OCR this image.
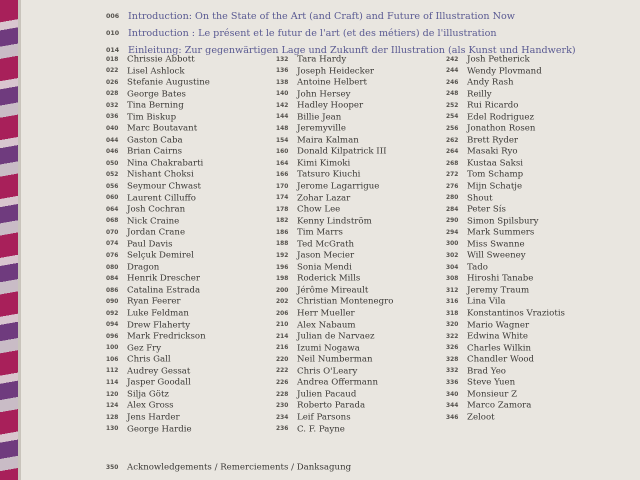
006 Introduction: On the State of the Art (and Craft) and Future of Illustration Now
010 Introduction : Le présent et le futur de l'art (et des métiers) de l'illustration
014 Einleitung: Zur gegenwärtigen Lage und Zukunft der Illustration (als Kunst und Handwerk)
018 Chrissie Abbott
022 Lisel Ashlock
026 Stefanie Augustine
028 George Bates
032 Tina Berning
036 Tim Biskup
040 Marc Boutavant
044 Gaston Caba
046 Brian Cairns
050 Nina Chakrabarti
052 Nishant Choksi
056 Seymour Chwast
060 Laurent Cilluffo
064 Josh Cochran
068 Nick Craine
070 Jordan Crane
074 Paul Davis
076 Selçuk Demirel
080 Dragon
084 Henrik Drescher
086 Catalina Estrada
090 Ryan Feerer
092 Luke Feldman
094 Drew Flaherty
096 Mark Fredrickson
100 Gez Fry
106 Chris Gall
112 Audrey Gessat
114 Jasper Goodall
120 Silja Götz
124 Alex Gross
128 Jens Harder
130 George Hardie
132 Tara Hardy
136 Joseph Heidecker
138 Antoine Helbert
140 John Hersey
142 Hadley Hooper
144 Billie Jean
148 Jeremyville
154 Maira Kalman
160 Donald Kilpatrick III
164 Kimi Kimoki
166 Tatsuro Kiuchi
170 Jerome Lagarrigue
174 Zohar Lazar
178 Chow Lee
182 Kenny Lindström
186 Tim Marrs
188 Ted McGrath
192 Jason Mecier
196 Sonia Mendi
198 Roderick Mills
200 Jérôme Mireault
202 Christian Montenegro
206 Herr Mueller
210 Alex Nabaum
214 Julian de Narvaez
216 Izumi Nogawa
220 Neil Numberman
222 Chris O'Leary
226 Andrea Offermann
228 Julien Pacaud
230 Roberto Parada
234 Leif Parsons
236 C. F. Payne
242 Josh Petherick
244 Wendy Plovmand
246 Andy Rash
248 Reilly
252 Rui Ricardo
254 Edel Rodriguez
256 Jonathon Rosen
262 Brett Ryder
264 Masaki Ryo
268 Kustaa Saksi
272 Tom Schamp
276 Mijn Schatje
280 Shout
284 Peter Sís
290 Simon Spilsbury
294 Mark Summers
300 Miss Swanne
302 Will Sweeney
304 Tado
308 Hiroshi Tanabe
312 Jeremy Traum
316 Lina Vila
318 Konstantinos Vraziotis
320 Mario Wagner
322 Edwina White
326 Charles Wilkin
328 Chandler Wood
332 Brad Yeo
336 Steve Yuen
340 Monsieur Z
344 Marco Zamora
346 Zeloot
350 Acknowledgements / Remerciements / Danksagung
